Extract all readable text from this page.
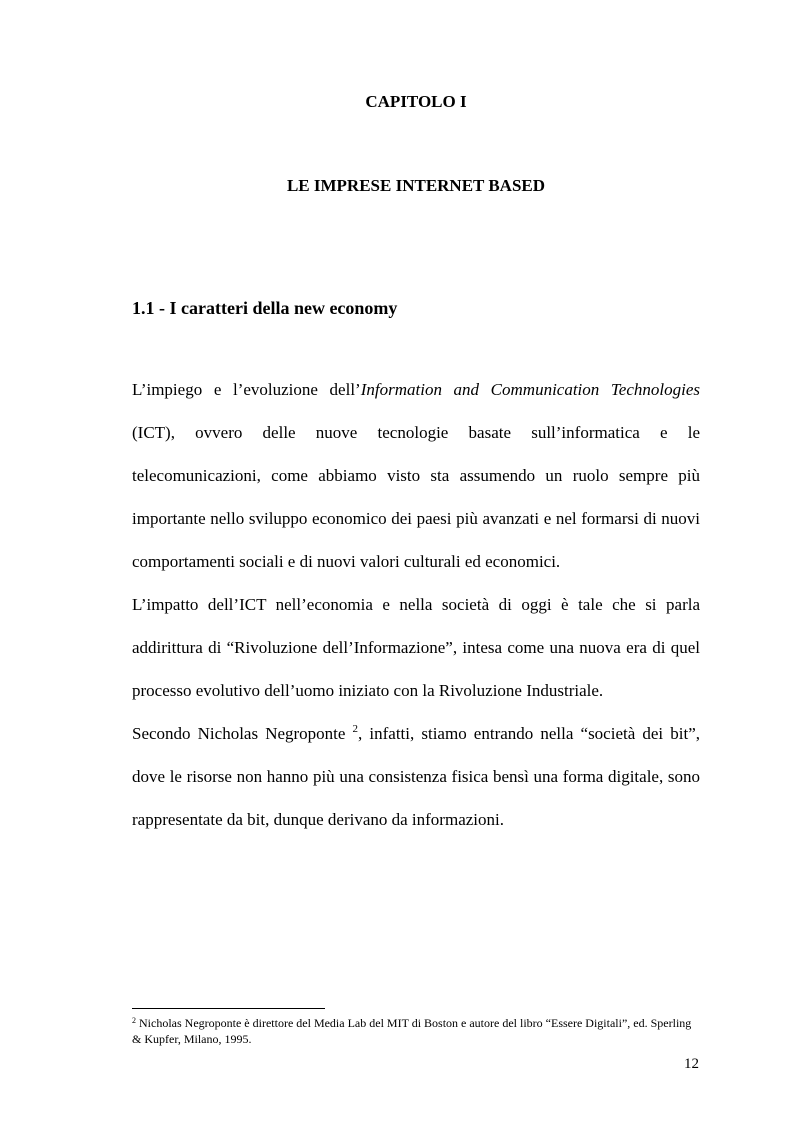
CAPITOLO I
LE IMPRESE INTERNET BASED
1.1 - I caratteri della new economy

L’impiego e l’evoluzione dell’Information and Communication Technologies (ICT), ovvero delle nuove tecnologie basate sull’informatica e le telecomunicazioni, come abbiamo visto sta assumendo un ruolo sempre più importante nello sviluppo economico dei paesi più avanzati e nel formarsi di nuovi comportamenti sociali e di nuovi valori culturali ed economici.

L’impatto dell’ICT nell’economia e nella società di oggi è tale che si parla addirittura di “Rivoluzione dell’Informazione”, intesa come una nuova era di quel processo evolutivo dell’uomo iniziato con la Rivoluzione Industriale.

Secondo Nicholas Negroponte $^2$, infatti, stiamo entrando nella “società dei bit”, dove le risorse non hanno più una consistenza fisica bensì una forma digitale, sono rappresentate da bit, dunque derivano da informazioni.

$^2$ Nicholas Negroponte è direttore del Media Lab del MIT di Boston e autore del libro “Essere Digitali”, ed. Sperling & Kupfer, Milano, 1995.
12
